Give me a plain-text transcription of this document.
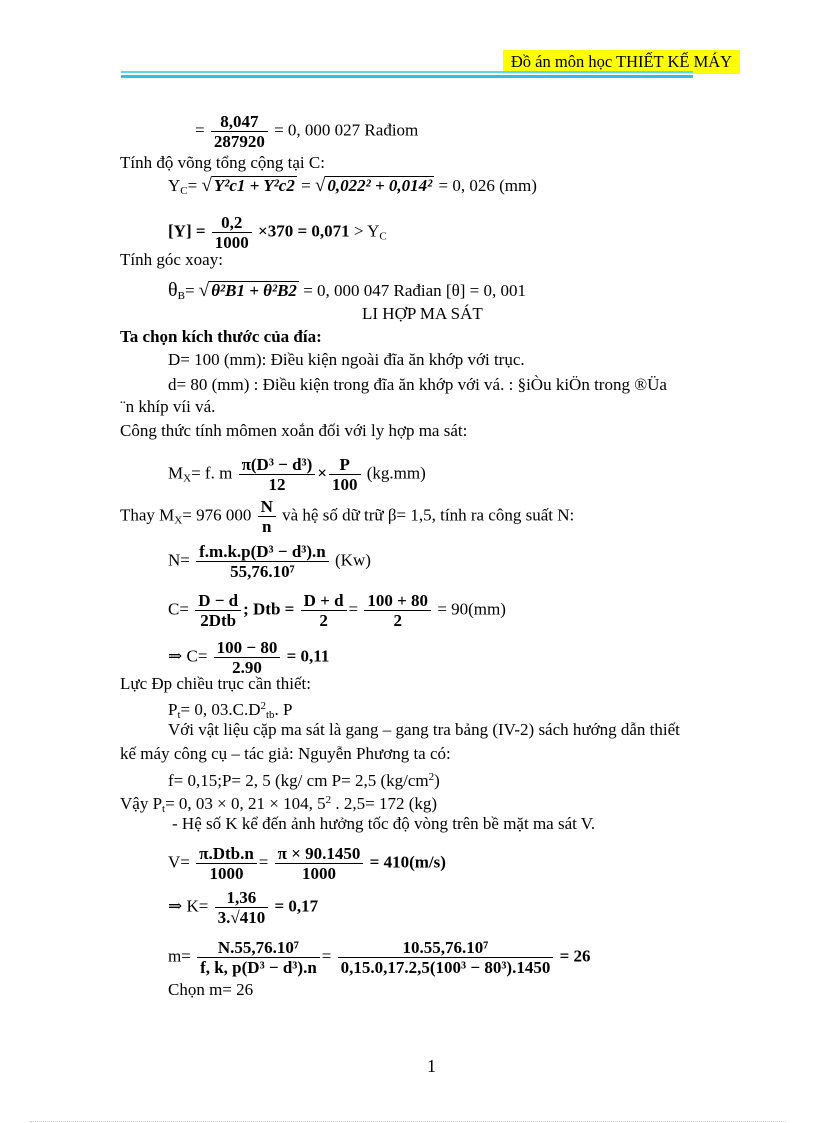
Đồ án môn học THIẾT KẾ MÁY
= $\frac{8,047}{287920} = 0$, 000 027 Rađiom
Tính độ võng tổng cộng tại C:
$Y_C=$ √ Y²c1 + Y²c2 = √ 0,022² + 0,014² = 0, 026 (mm)
$[Y] = \frac{0,2}{1000} \times 370 = 0,071 > Y_C$
Tính góc xoay:
$\theta_B=$ √ θ²B1 + θ²B2 = 0, 000 047 Rađian [θ] = 0, 001
LI HỢP MA SÁT
Ta chọn kích thước của đía:
D= 100 (mm): Điều kiện ngoài đĩa ăn khớp với trục.
d= 80 (mm) : Điều kiện trong đĩa ăn khớp với vá. : §iÒu kiÖn trong ®Üa
¨n khíp víi vá.
Công thức tính mômen xoắn đối với ly hợp ma sát:
$M_X= f$. m $\frac{\text{π(D³ − d³)}}{12} \times \frac{P}{100} (kg.mm)$
Thay $M_X= 976$ $000 \frac{N}{n}$ và hệ số dữ trữ β= 1,5, tính ra công suất N:
$N= \frac{\text{f.m.k.p(D³ − d³).n}}{\text{55,76.10⁷}} (Kw)$
$C= \frac{D - d}{\text{2Dtb}}$ ; Dtb = $\frac{D + d}{2} = \frac{100 + 80}{2} = 90(mm)$
⇒ $C= \frac{100 - 80}{2.90} = 0,11$
Lực Đp chiều trục cần thiết:
$P_t= 0$, $03.C.D^2_{tb}$. P
Với vật liệu cặp ma sát là gang – gang tra bảng (IV-2) sách hướng dẫn thiết
kế máy công cụ – tác giả: Nguyễn Phương ta có:
f= 0,15;P= 2, 5 (kg/ cm P= 2,5 $(kg/cm^2)$
Vậy $P_t= 0$, 03 × 0, 21 × 104, $5^2$ . 2,5= 172 (kg)
- Hệ số K kể đến ảnh hưởng tốc độ vòng trên bề mặt ma sát V.
$V= \frac{\text{π.Dtb.n}}{1000} = \frac{\pi \times 90.1450}{1000} = 410(m/s)$
⇒ $K= \frac{1,36}{3.√410} = 0,17$
$m= \frac{\text{N.55,76.10⁷}}{\text{f, k, p(D³ − d³).n}} = \frac{\text{10.55,76.10⁷}}{\text{0,15.0,17.2,5(100³ − 80³).1450}} = 26$
Chọn m= 26
1
